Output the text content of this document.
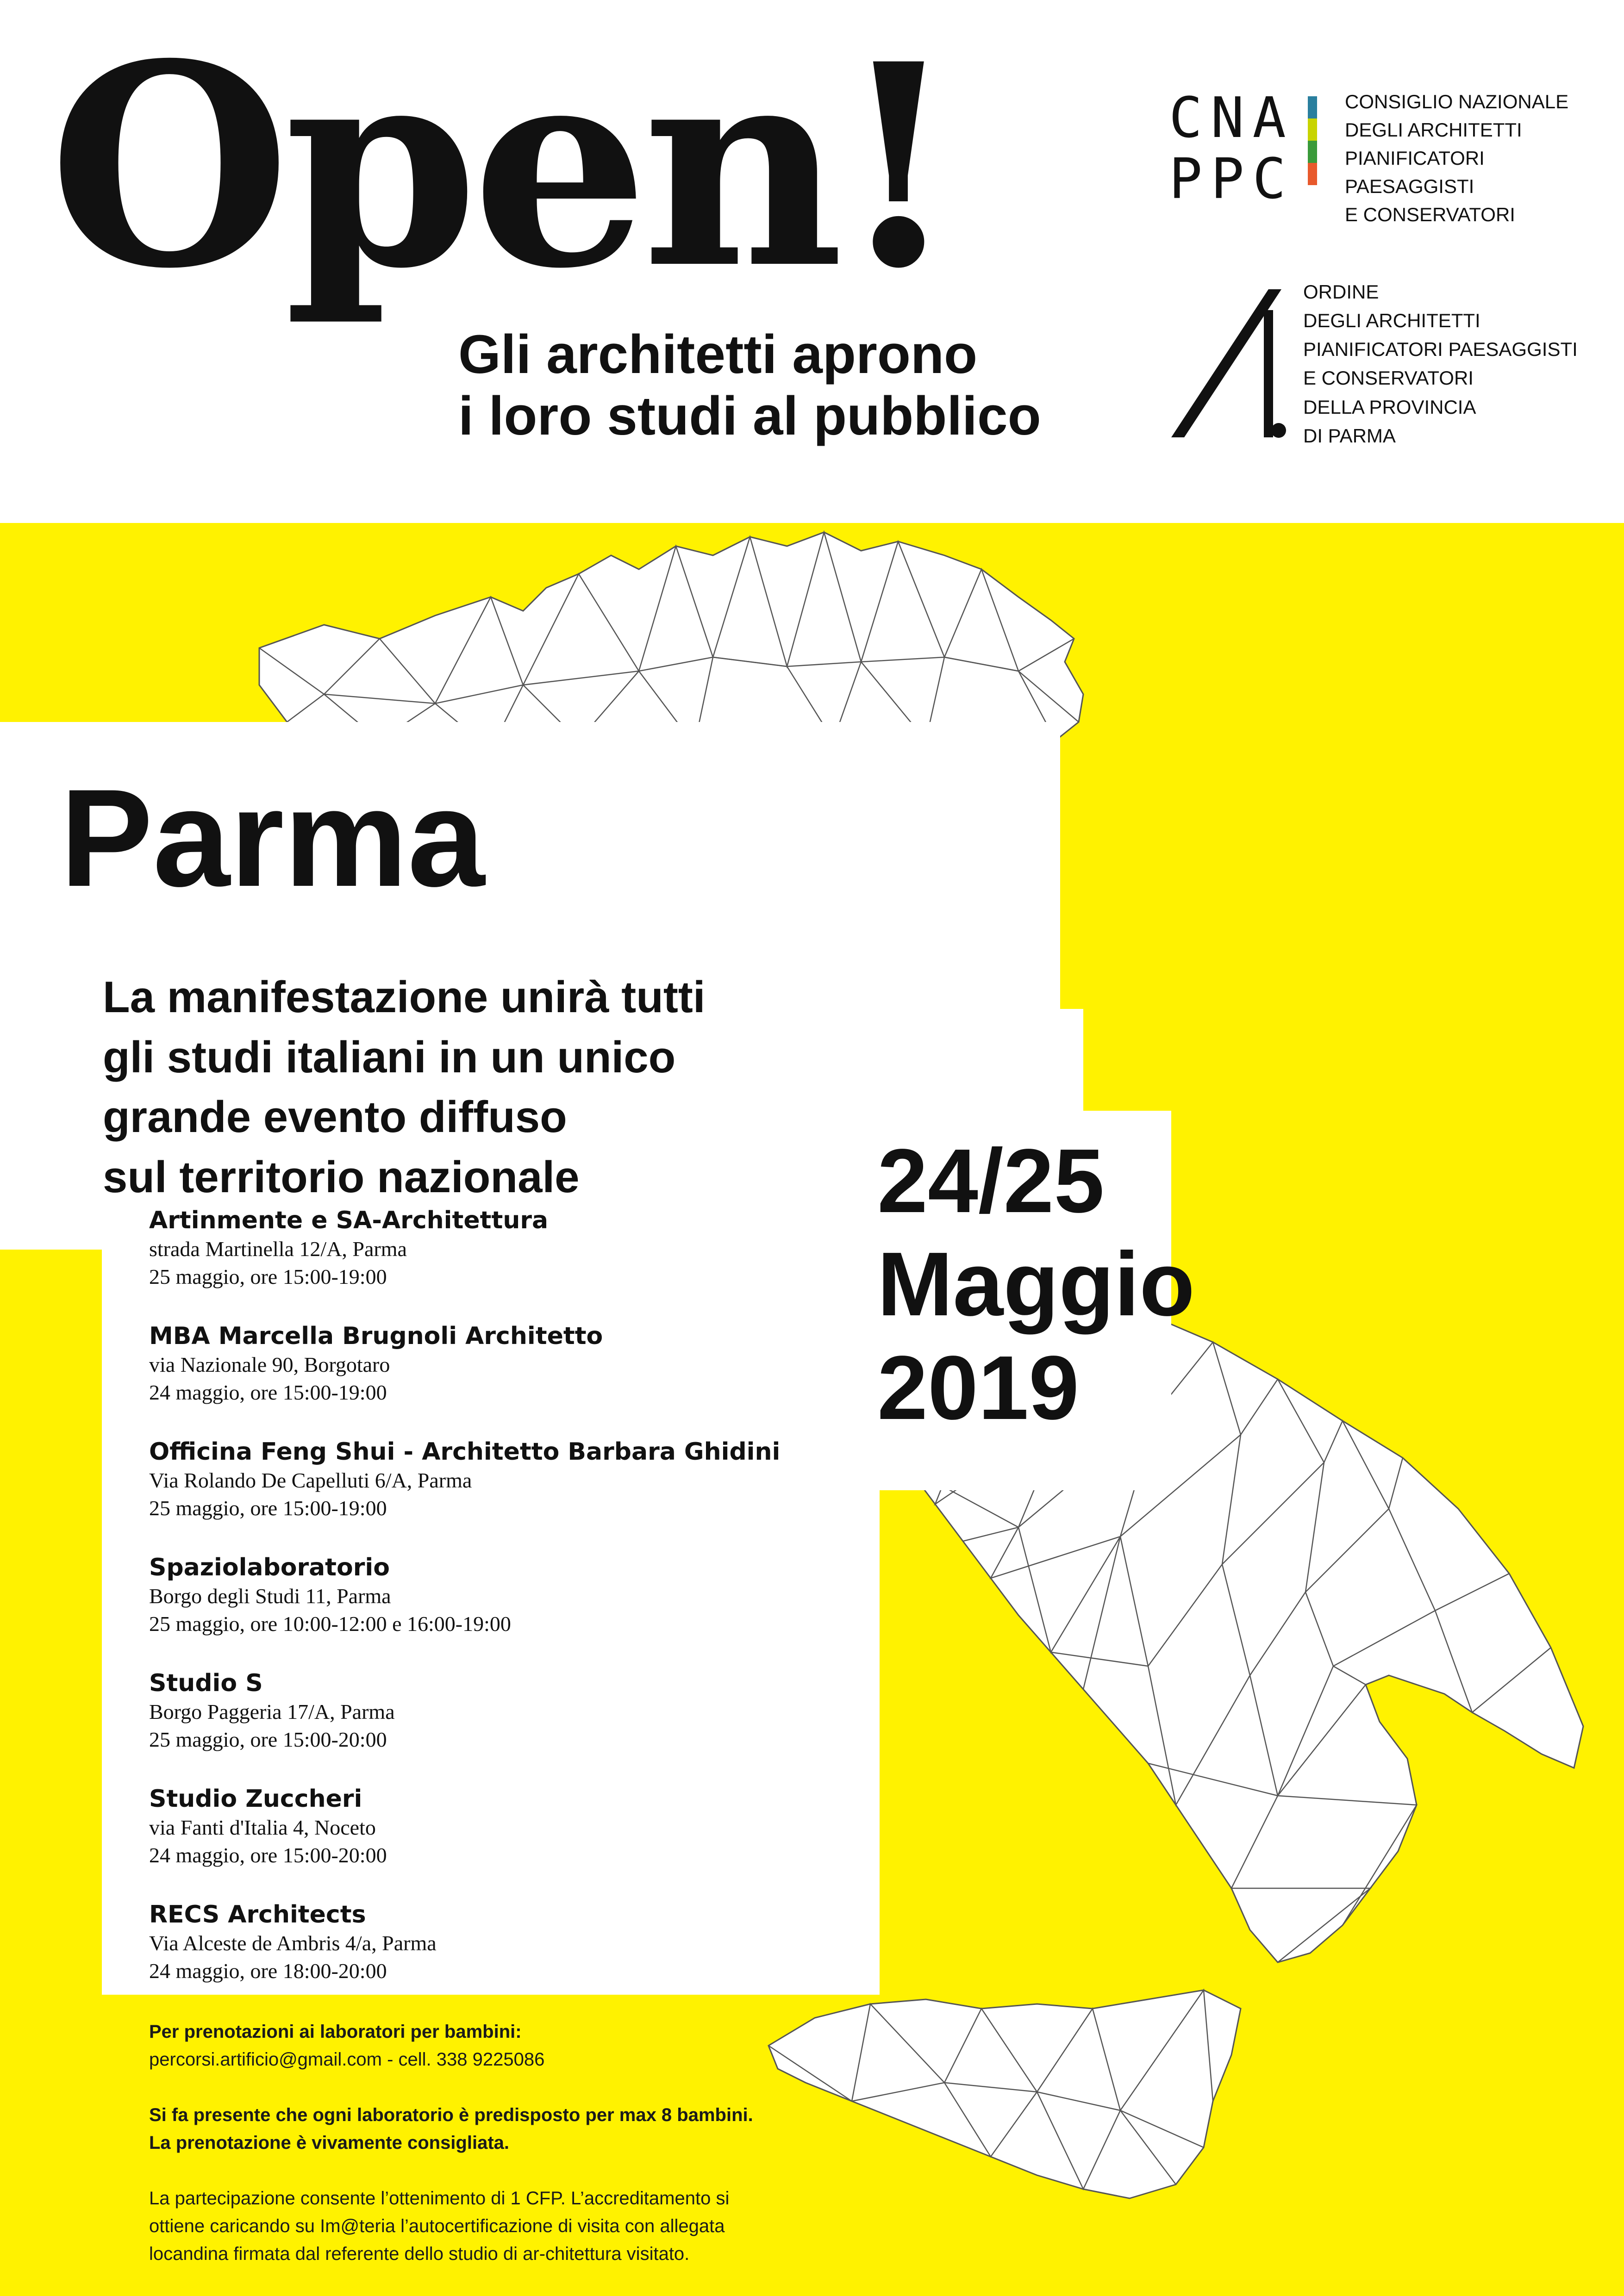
Open!
Gli architetti aprono
i loro studi al pubblico
CNA
PPC
CONSIGLIO NAZIONALE
DEGLI ARCHITETTI
PIANIFICATORI
PAESAGGISTI
E CONSERVATORI
ORDINE
DEGLI ARCHITETTI
PIANIFICATORI PAESAGGISTI
E CONSERVATORI
DELLA PROVINCIA
DI PARMA
Parma
La manifestazione unirà tutti
gli studi italiani in un unico
grande evento diffuso
sul territorio nazionale	24/25
Maggio
2019
Artinmente e SA-Architettura
strada Martinella 12/A, Parma
25 maggio, ore 15:00-19:00
MBA Marcella Brugnoli Architetto
via Nazionale 90, Borgotaro
24 maggio, ore 15:00-19:00
Officina Feng Shui - Architetto Barbara Ghidini
Via Rolando De Capelluti 6/A, Parma
25 maggio, ore 15:00-19:00
Spaziolaboratorio
Borgo degli Studi 11, Parma
25 maggio, ore 10:00-12:00 e 16:00-19:00
Studio S
Borgo Paggeria 17/A, Parma
25 maggio, ore 15:00-20:00
Studio Zuccheri
via Fanti d'Italia 4, Noceto
24 maggio, ore 15:00-20:00
RECS Architects
Via Alceste de Ambris 4/a, Parma
24 maggio, ore 18:00-20:00

Per prenotazioni ai laboratori per bambini:

percorsi.artificio@gmail.com - cell. 338 9225086

Si fa presente che ogni laboratorio è predisposto per max 8 bambini.

La prenotazione è vivamente consigliata.

La partecipazione consente l’ottenimento di 1 CFP. L’accreditamento si

ottiene caricando su Im@teria l’autocertificazione di visita con allegata

locandina firmata dal referente dello studio di ar-chitettura visitato.
